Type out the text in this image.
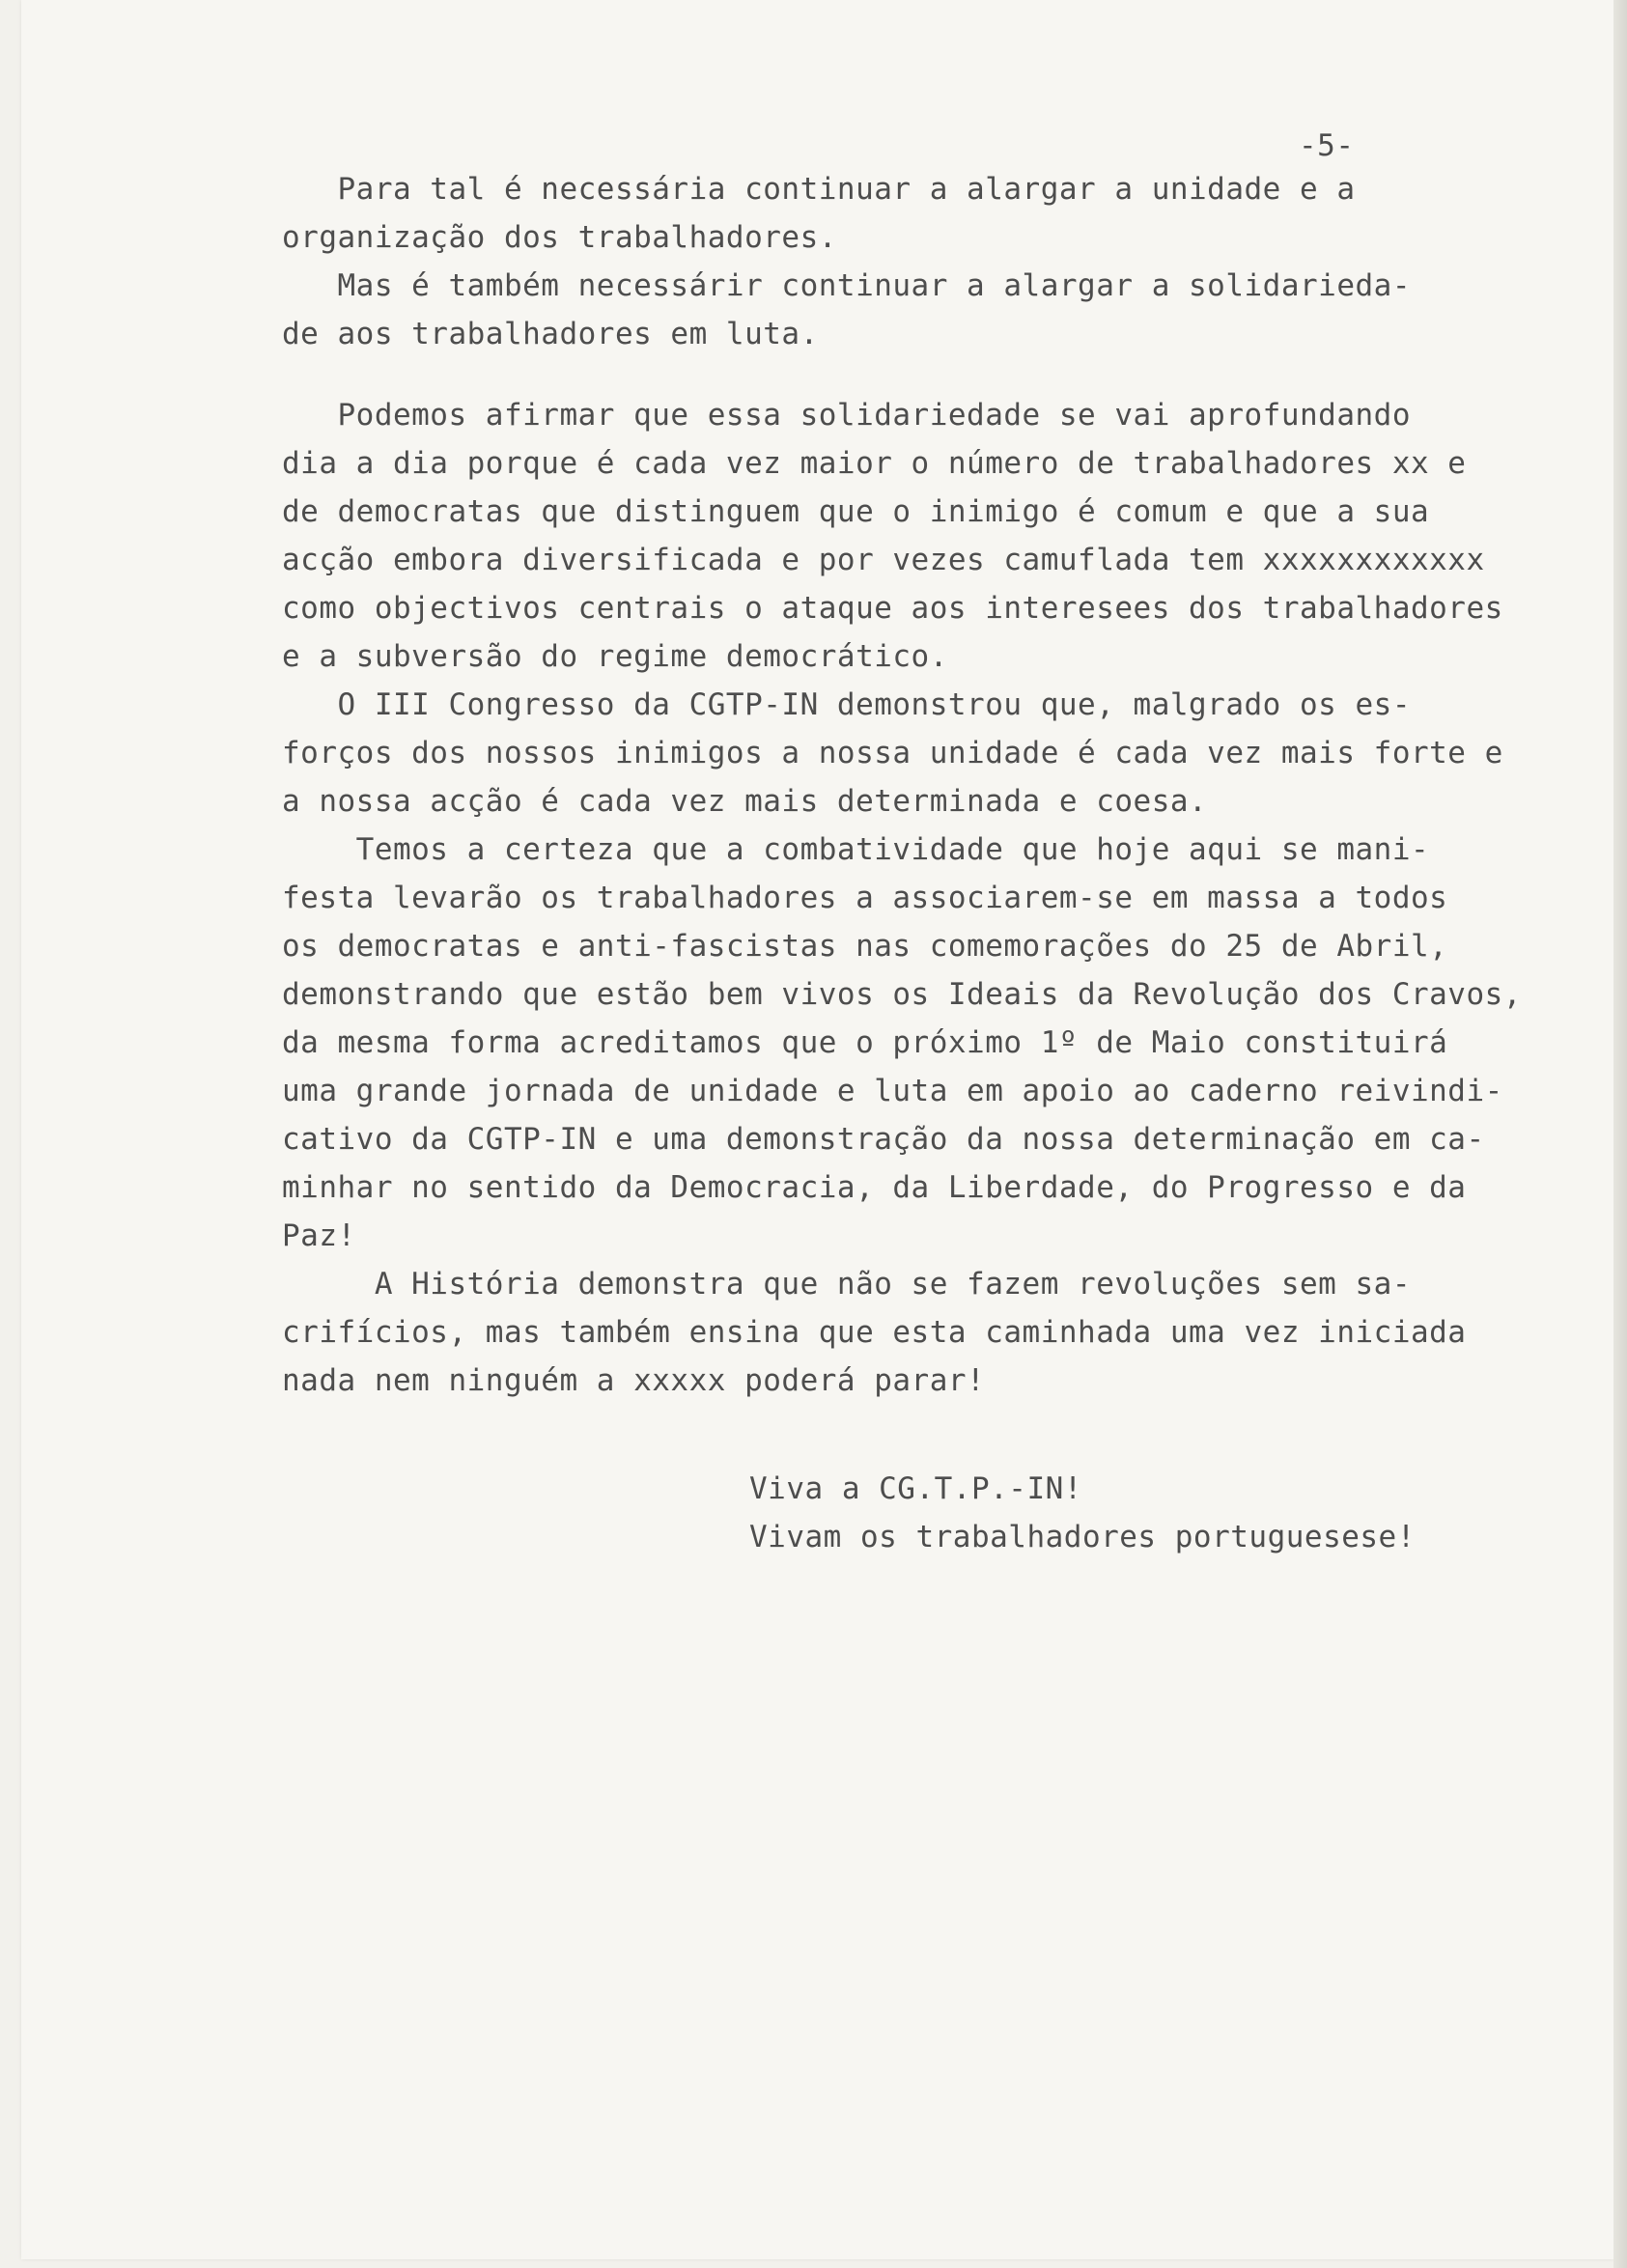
-5-
Para tal é necessária continuar a alargar a unidade e a
organização dos trabalhadores.
Mas é também necessárir continuar a alargar a solidarieda-
de aos trabalhadores em luta.
Podemos afirmar que essa solidariedade se vai aprofundando
dia a dia porque é cada vez maior o número de trabalhadores xx e
de democratas que distinguem que o inimigo é comum e que a sua
acção embora diversificada e por vezes camuflada tem xxxxxxxxxxxx
como objectivos centrais o ataque aos interesees dos trabalhadores
e a subversão do regime democrático.
O III Congresso da CGTP-IN demonstrou que, malgrado os es-
forços dos nossos inimigos a nossa unidade é cada vez mais forte e
a nossa acção é cada vez mais determinada e coesa.
Temos a certeza que a combatividade que hoje aqui se mani-
festa levarão os trabalhadores a associarem-se em massa a todos
os democratas e anti-fascistas nas comemorações do 25 de Abril,
demonstrando que estão bem vivos os Ideais da Revolução dos Cravos,
da mesma forma acreditamos que o próximo 1º de Maio constituirá
uma grande jornada de unidade e luta em apoio ao caderno reivindi-
cativo da CGTP-IN e uma demonstração da nossa determinação em ca-
minhar no sentido da Democracia, da Liberdade, do Progresso e da
Paz!
A História demonstra que não se fazem revoluções sem sa-
crifícios, mas também ensina que esta caminhada uma vez iniciada
nada nem ninguém a xxxxx poderá parar!
Viva a CG.T.P.-IN!
Vivam os trabalhadores portuguesese!
